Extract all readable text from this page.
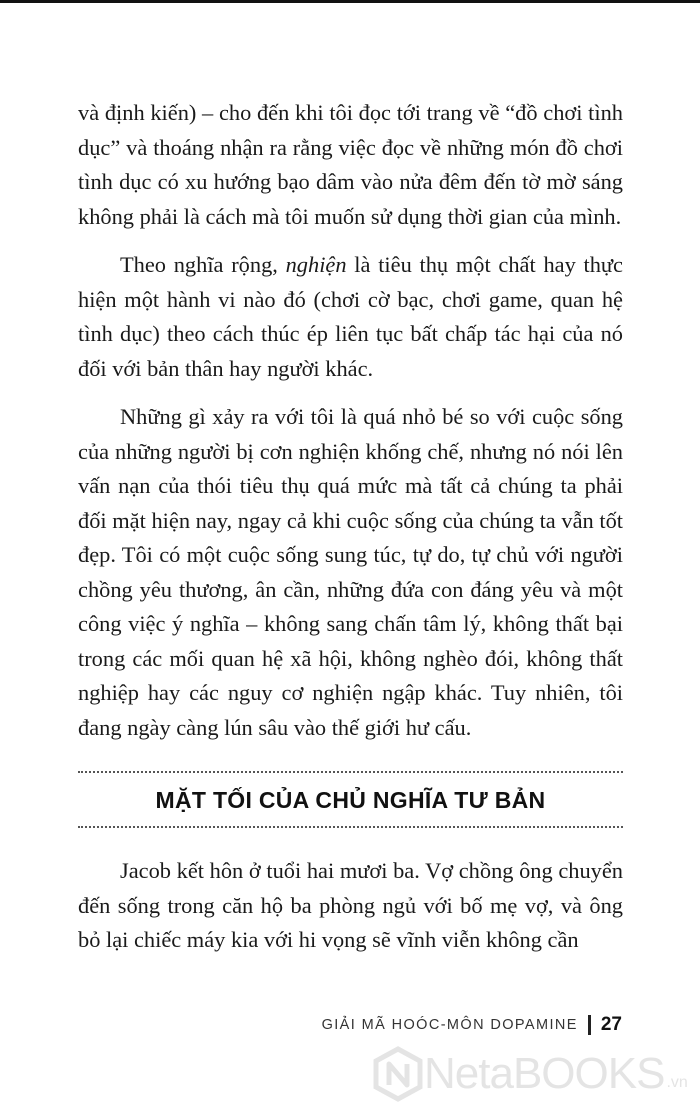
và định kiến) – cho đến khi tôi đọc tới trang về “đồ chơi tình dục” và thoáng nhận ra rằng việc đọc về những món đồ chơi tình dục có xu hướng bạo dâm vào nửa đêm đến tờ mờ sáng không phải là cách mà tôi muốn sử dụng thời gian của mình.

Theo nghĩa rộng, nghiện là tiêu thụ một chất hay thực hiện một hành vi nào đó (chơi cờ bạc, chơi game, quan hệ tình dục) theo cách thúc ép liên tục bất chấp tác hại của nó đối với bản thân hay người khác.

Những gì xảy ra với tôi là quá nhỏ bé so với cuộc sống của những người bị cơn nghiện khống chế, nhưng nó nói lên vấn nạn của thói tiêu thụ quá mức mà tất cả chúng ta phải đối mặt hiện nay, ngay cả khi cuộc sống của chúng ta vẫn tốt đẹp. Tôi có một cuộc sống sung túc, tự do, tự chủ với người chồng yêu thương, ân cần, những đứa con đáng yêu và một công việc ý nghĩa – không sang chấn tâm lý, không thất bại trong các mối quan hệ xã hội, không nghèo đói, không thất nghiệp hay các nguy cơ nghiện ngập khác. Tuy nhiên, tôi đang ngày càng lún sâu vào thế giới hư cấu.

MẶT TỐI CỦA CHỦ NGHĨA TƯ BẢN

Jacob kết hôn ở tuổi hai mươi ba. Vợ chồng ông chuyển đến sống trong căn hộ ba phòng ngủ với bố mẹ vợ, và ông bỏ lại chiếc máy kia với hi vọng sẽ vĩnh viễn không cần

GIẢI MÃ HOÓC-MÔN DOPAMINE 27
NetaBOOKS .vn
